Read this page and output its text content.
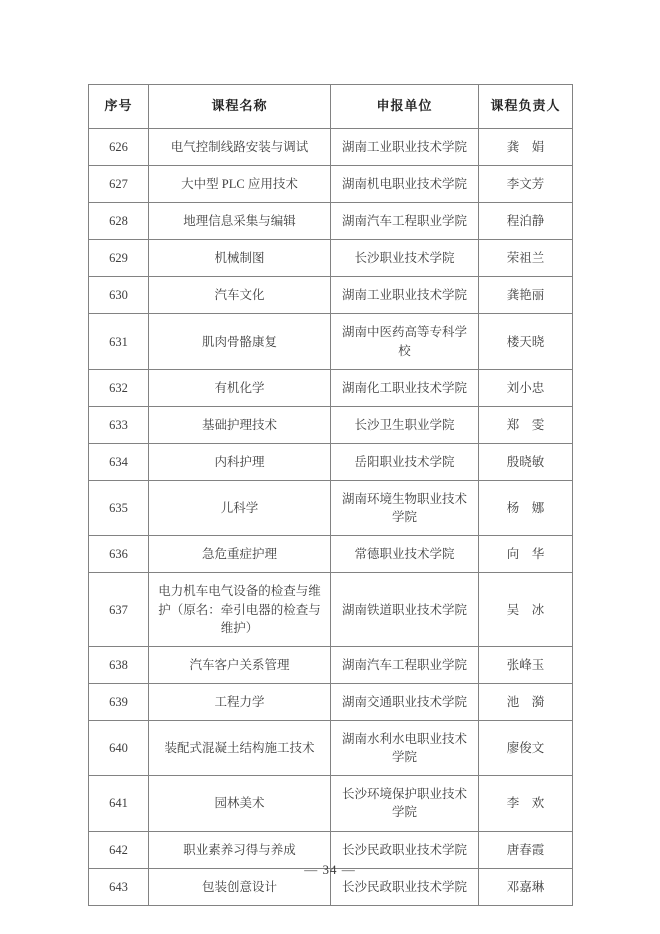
序号	课程名称	申报单位	课程负责人
626	电气控制线路安装与调试	湖南工业职业技术学院	龚　娟
627	大中型 PLC 应用技术	湖南机电职业技术学院	李文芳
628	地理信息采集与编辑	湖南汽车工程职业学院	程泊静
629	机械制图	长沙职业技术学院	荣祖兰
630	汽车文化	湖南工业职业技术学院	龚艳丽
631	肌肉骨骼康复	湖南中医药高等专科学校	楼天晓
632	有机化学	湖南化工职业技术学院	刘小忠
633	基础护理技术	长沙卫生职业学院	郑　雯
634	内科护理	岳阳职业技术学院	殷晓敏
635	儿科学	湖南环境生物职业技术学院	杨　娜
636	急危重症护理	常德职业技术学院	向　华
637	电力机车电气设备的检查与维护（原名：牵引电器的检查与维护）	湖南铁道职业技术学院	吴　冰
638	汽车客户关系管理	湖南汽车工程职业学院	张峰玉
639	工程力学	湖南交通职业技术学院	池　漪
640	装配式混凝土结构施工技术	湖南水利水电职业技术学院	廖俊文
641	园林美术	长沙环境保护职业技术学院	李　欢
642	职业素养习得与养成	长沙民政职业技术学院	唐春霞
643	包装创意设计	长沙民政职业技术学院	邓嘉琳
— 34 —
